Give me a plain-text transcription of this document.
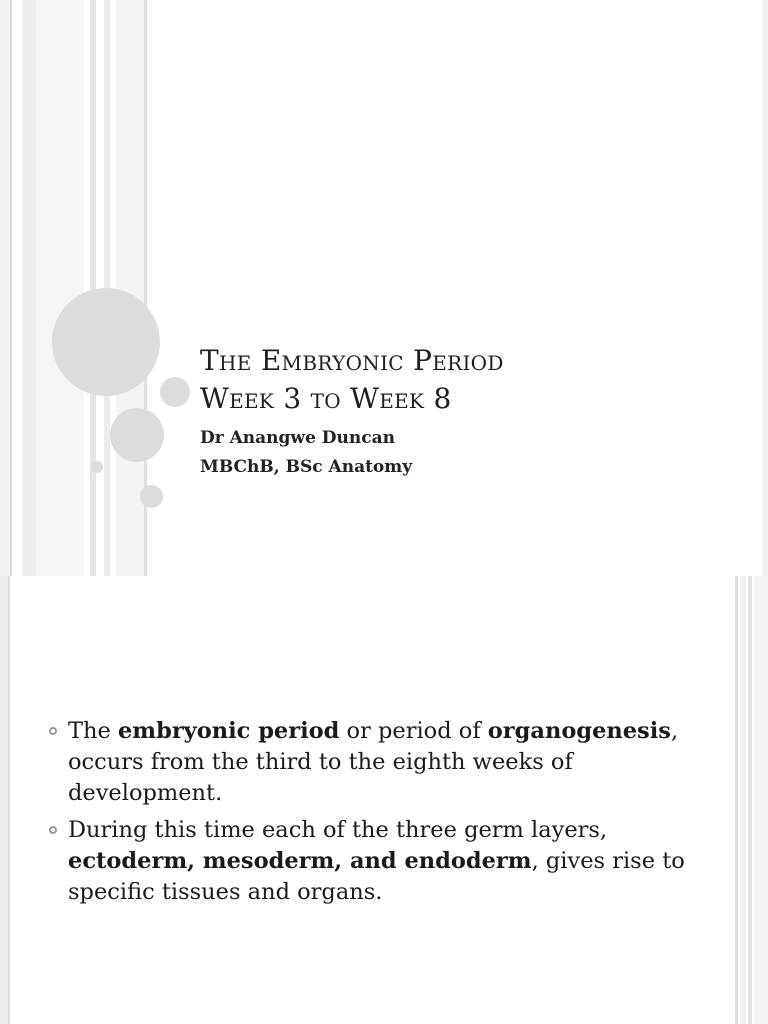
The Embryonic Period

Week 3 to Week 8

Dr Anangwe Duncan

MBChB, BSc Anatomy

The embryonic period or period of organogenesis, occurs from the third to the eighth weeks of development.
During this time each of the three germ layers, ectoderm, mesoderm, and endoderm, gives rise to specific tissues and organs.
